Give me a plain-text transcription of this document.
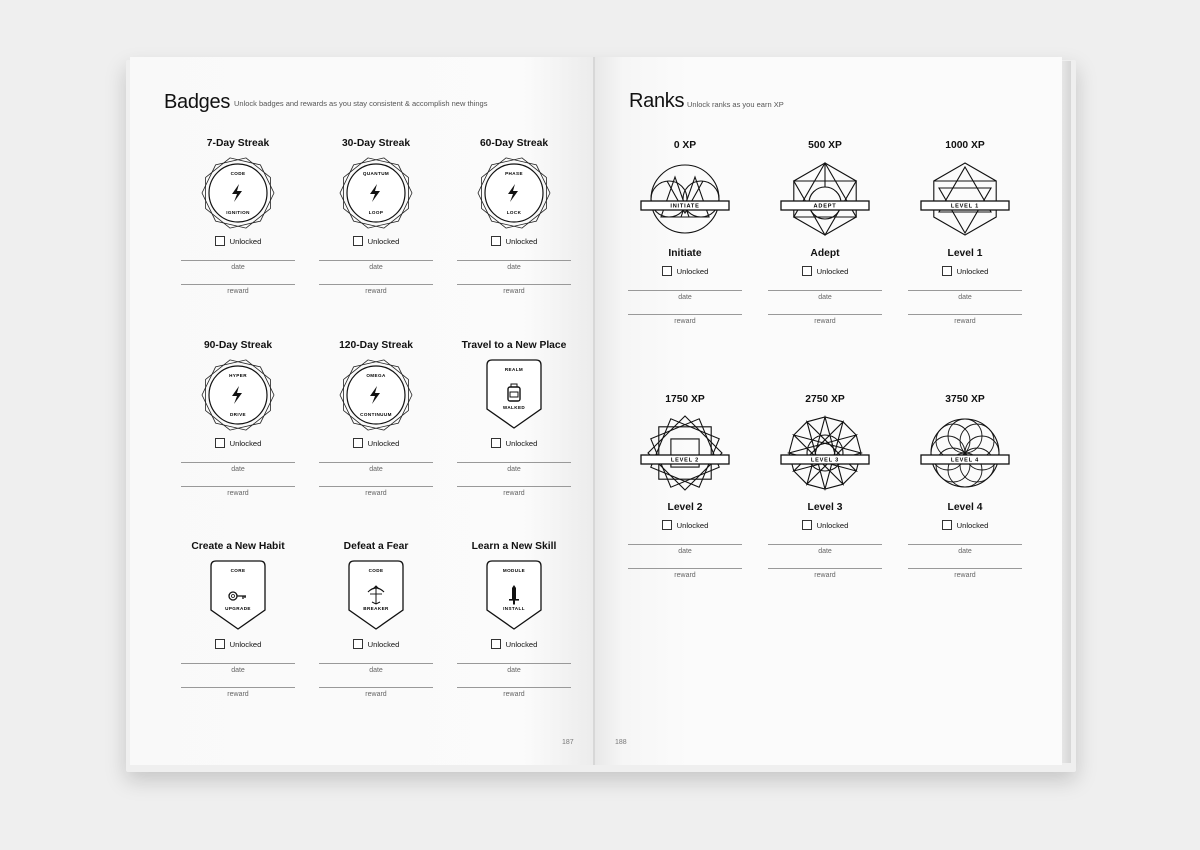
Badges Unlock badges and rewards as you stay consistent & accomplish new things
7-Day Streak
CODE
IGNITION
Unlocked
date
reward
30-Day Streak
QUANTUM
LOOP
Unlocked
date
reward
60-Day Streak
PHASE
LOCK
Unlocked
date
reward
90-Day Streak
HYPER
DRIVE
Unlocked
date
reward
120-Day Streak
OMEGA
CONTINUUM
Unlocked
date
reward
Travel to a New Place
REALM
WALKED
Unlocked
date
reward
Create a New Habit
CORE
UPGRADE
Unlocked
date
reward
Defeat a Fear
CODE
BREAKER
Unlocked
date
reward
Learn a New Skill
MODULE
INSTALL
Unlocked
date
reward
187
Ranks Unlock ranks as you earn XP
0 XP
INITIATE
Initiate
Unlocked
date
reward
500 XP
ADEPT
Adept
Unlocked
date
reward
1000 XP
LEVEL 1
Level 1
Unlocked
date
reward
1750 XP
LEVEL 2
Level 2
Unlocked
date
reward
2750 XP
LEVEL 3
Level 3
Unlocked
date
reward
3750 XP
LEVEL 4
Level 4
Unlocked
date
reward
188
